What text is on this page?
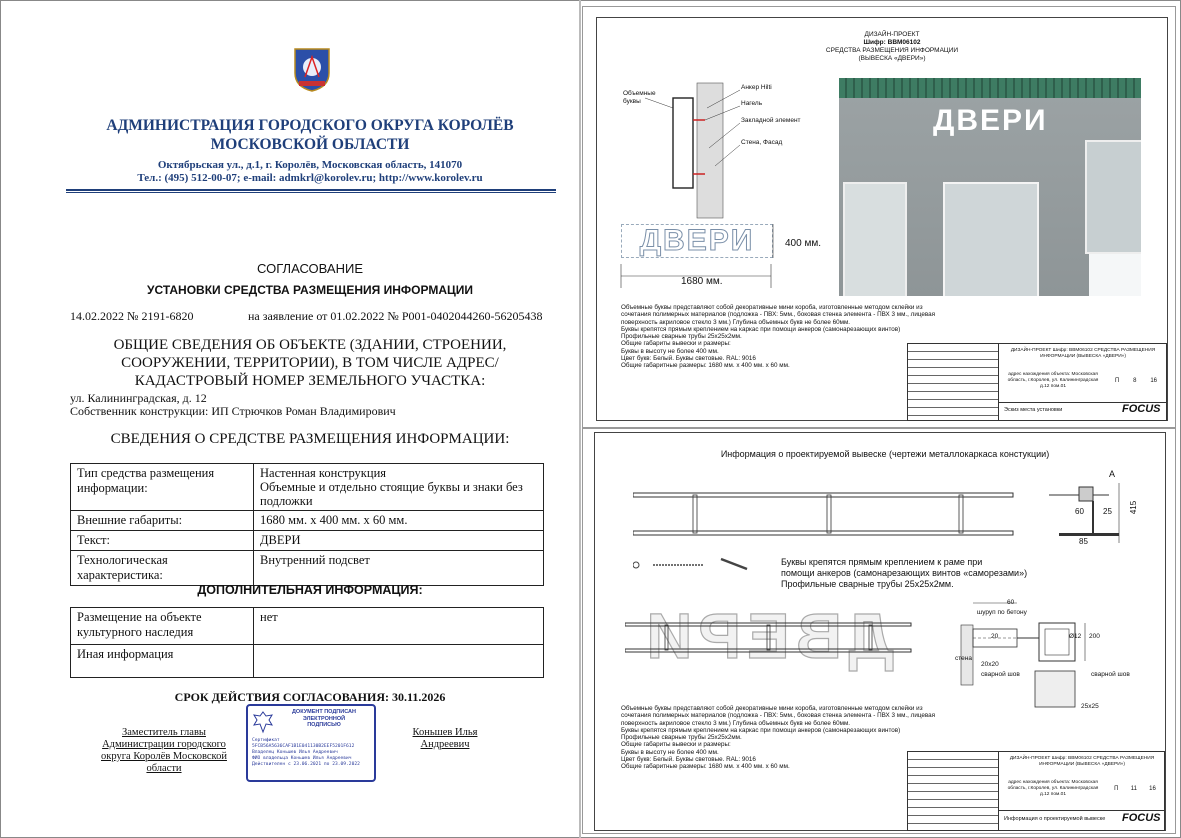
АДМИНИСТРАЦИЯ ГОРОДСКОГО ОКРУГА КОРОЛЁВ
МОСКОВСКОЙ ОБЛАСТИ
Октябрьская ул., д.1, г. Королёв, Московская область, 141070
Тел.: (495) 512-00-07; e-mail: admkrl@korolev.ru; http://www.korolev.ru
СОГЛАСОВАНИЕ
УСТАНОВКИ СРЕДСТВА РАЗМЕЩЕНИЯ ИНФОРМАЦИИ
14.02.2022 № 2191-6820	на заявление от 01.02.2022 № Р001-0402044260-56205438
ОБЩИЕ СВЕДЕНИЯ ОБ ОБЪЕКТЕ (ЗДАНИИ, СТРОЕНИИ,
СООРУЖЕНИИ, ТЕРРИТОРИИ), В ТОМ ЧИСЛЕ АДРЕС/
КАДАСТРОВЫЙ НОМЕР ЗЕМЕЛЬНОГО УЧАСТКА:
ул. Калининградская, д. 12
Собственник конструкции: ИП Стрючков Роман Владимирович
СВЕДЕНИЯ О СРЕДСТВЕ РАЗМЕЩЕНИЯ ИНФОРМАЦИИ:
Тип средства размещения информации:	Настенная конструкция
Объемные и отдельно стоящие буквы и знаки без подложки
Внешние габариты:	1680 мм. х 400 мм. х 60 мм.
Текст:	ДВЕРИ
Технологическая характеристика:	Внутренний подсвет
ДОПОЛНИТЕЛЬНАЯ ИНФОРМАЦИЯ:
Размещение на объекте культурного наследия	нет
Иная информация	
СРОК ДЕЙСТВИЯ СОГЛАСОВАНИЯ: 30.11.2026
Заместитель главы Администрации городского округа Королёв Московской области
Коньшев Илья Андреевич
ДОКУМЕНТ ПОДПИСАН
ЭЛЕКТРОННОЙ
ПОДПИСЬЮ
Сертификат
5FCB56A5636CAF1B1E041130B2EEF5201F612
Владелец Коньшев Илья Андреевич
ФИО владельца Коньшев Илья Андреевич
Действителен с 23.06.2021 по 23.09.2022
ДИЗАЙН-ПРОЕКТ
Шифр: ВВМ06102
СРЕДСТВА РАЗМЕЩЕНИЯ ИНФОРМАЦИИ
(ВЫВЕСКА «ДВЕРИ»)
Объемные буквы
Анкер Hilti
Нагель
Закладной элемент
Стена, Фасад
ДВЕРИ	400 мм.
1680 мм.
ДВЕРИ
Объемные буквы представляют собой декоративные мини короба, изготовленные методом склейки из
сочетания полимерных материалов (подложка - ПВХ: 5мм., боковая стенка элемента - ПВХ 3 мм., лицевая
поверхность акриловое стекло 3 мм.) Глубина объемных букв не более 60мм.
Буквы крепятся прямым креплением на каркас при помощи анкеров (самонарезающих винтов)
Профильные сварные трубы 25х25х2мм.
Общие габариты вывески и размеры:
Буквы в высоту не более 400 мм.
Цвет букв: Белый. Буквы световые. RAL: 9016
Общие габаритные размеры: 1680 мм. х 400 мм. х 60 мм.
ДИЗАЙН-ПРОЕКТ Шифр: ВВМ06102 СРЕДСТВА РАЗМЕЩЕНИЯ ИНФОРМАЦИИ (ВЫВЕСКА «ДВЕРИ»)
адрес нахождения объекта: Московская область, г.Королев, ул. Калининградская д.12 пом.01
П 8 16
Эскиз места установки	FOCUS
Информация о проектируемой вывеске (чертежи металлокаркаса констукции)
A
60 25 415
85
Буквы крепятся прямым креплением к раме при
помощи анкеров (самонарезающих винтов «саморезами»)
Профильные сварные трубы 25х25х2мм.
ДВЕРИ	60
шуруп по бетону
20	Ø12 200
стена
20х20
сварной шов	сварной шов
25х25
Объемные буквы представляют собой декоративные мини короба, изготовленные методом склейки из
сочетания полимерных материалов (подложка - ПВХ: 5мм., боковая стенка элемента - ПВХ 3 мм., лицевая
поверхность акриловое стекло 3 мм.) Глубина объемных букв не более 60мм.
Буквы крепятся прямым креплением на каркас при помощи анкеров (самонарезающих винтов)
Профильные сварные трубы 25х25х2мм.
Общие габариты вывески и размеры:
Буквы в высоту не более 400 мм.
Цвет букв: Белый. Буквы световые. RAL: 9016
Общие габаритные размеры: 1680 мм. х 400 мм. х 60 мм.
ДИЗАЙН-ПРОЕКТ Шифр: ВВМ06102 СРЕДСТВА РАЗМЕЩЕНИЯ ИНФОРМАЦИИ (ВЫВЕСКА «ДВЕРИ»)
адрес нахождения объекта: Московская область, г.Королев, ул. Калининградская д.12 пом.01
П 11 16
Информация о проектируемой вывеске FOCUS
